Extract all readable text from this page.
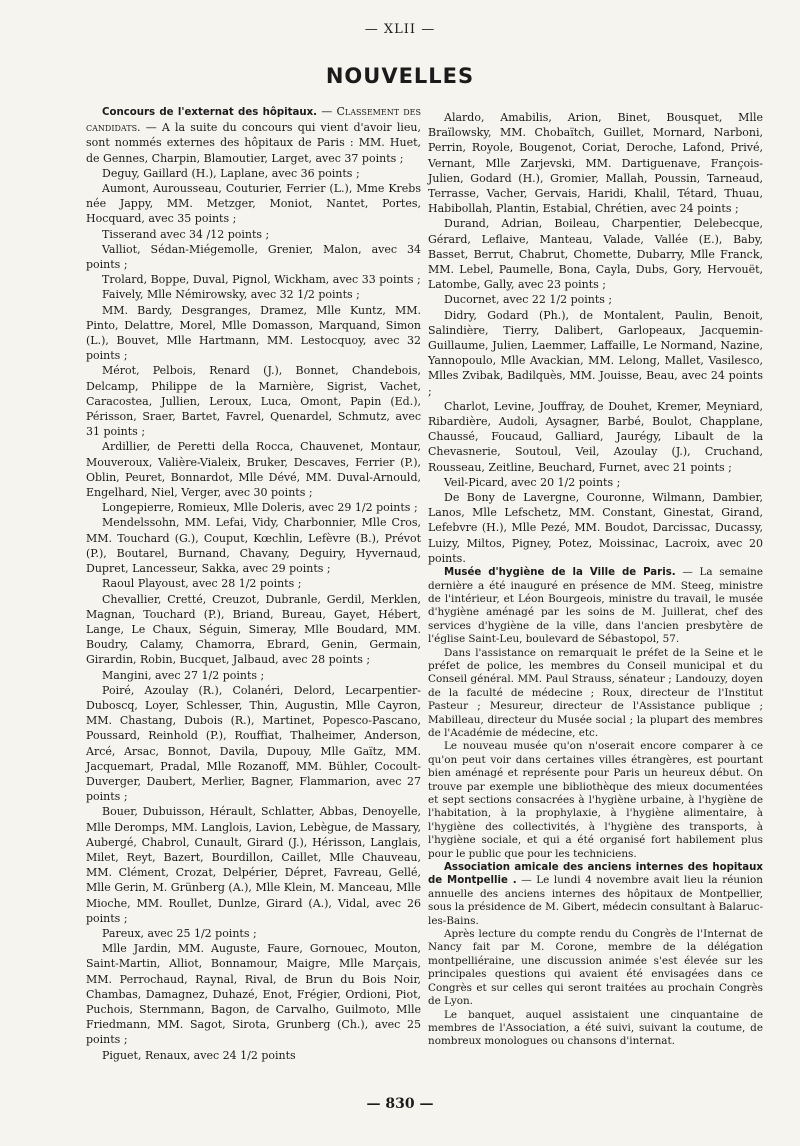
— XLII —
NOUVELLES

Concours de l'externat des hôpitaux. — Classement des candidats. — A la suite du concours qui vient d'avoir lieu, sont nommés externes des hôpitaux de Paris : MM. Huet, de Gennes, Charpin, Blamoutier, Larget, avec 37 points ;

Deguy, Gaillard (H.), Laplane, avec 36 points ;

Aumont, Aurousseau, Couturier, Ferrier (L.), Mme Krebs née Jappy, MM. Metzger, Moniot, Nantet, Portes, Hocquard, avec 35 points ;

Tisserand avec 34 /12 points ;

Valliot, Sédan-Miégemolle, Grenier, Malon, avec 34 points ;

Trolard, Boppe, Duval, Pignol, Wickham, avec 33 points ;

Faively, Mlle Némirowsky, avec 32 1/2 points ;

MM. Bardy, Desgranges, Dramez, Mlle Kuntz, MM. Pinto, Delattre, Morel, Mlle Domasson, Marquand, Simon (L.), Bouvet, Mlle Hartmann, MM. Lestocquoy, avec 32 points ;

Mérot, Pelbois, Renard (J.), Bonnet, Chandebois, Delcamp, Philippe de la Marnière, Sigrist, Vachet, Caracostea, Jullien, Leroux, Luca, Omont, Papin (Ed.), Périsson, Sraer, Bartet, Favrel, Quenardel, Schmutz, avec 31 points ;

Ardillier, de Peretti della Rocca, Chauvenet, Montaur, Mouveroux, Valière-Vialeix, Bruker, Descaves, Ferrier (P.), Oblin, Peuret, Bonnardot, Mlle Dévé, MM. Duval-Arnould, Engelhard, Niel, Verger, avec 30 points ;

Longepierre, Romieux, Mlle Doleris, avec 29 1/2 points ;

Mendelssohn, MM. Lefai, Vidy, Charbonnier, Mlle Cros, MM. Touchard (G.), Couput, Kœchlin, Lefèvre (B.), Prévot (P.), Boutarel, Burnand, Chavany, Deguiry, Hyvernaud, Dupret, Lancesseur, Sakka, avec 29 points ;

Raoul Playoust, avec 28 1/2 points ;

Chevallier, Cretté, Creuzot, Dubranle, Gerdil, Merklen, Magnan, Touchard (P.), Briand, Bureau, Gayet, Hébert, Lange, Le Chaux, Séguin, Simeray, Mlle Boudard, MM. Boudry, Calamy, Chamorra, Ebrard, Genin, Germain, Girardin, Robin, Bucquet, Jalbaud, avec 28 points ;

Mangini, avec 27 1/2 points ;

Poiré, Azoulay (R.), Colanéri, Delord, Lecarpentier-Duboscq, Loyer, Schlesser, Thin, Augustin, Mlle Cayron, MM. Chastang, Dubois (R.), Martinet, Popesco-Pascano, Poussard, Reinhold (P.), Rouffiat, Thalheimer, Anderson, Arcé, Arsac, Bonnot, Davila, Dupouy, Mlle Gaïtz, MM. Jacquemart, Pradal, Mlle Rozanoff, MM. Bühler, Cocoult-Duverger, Daubert, Merlier, Bagner, Flammarion, avec 27 points ;

Bouer, Dubuisson, Hérault, Schlatter, Abbas, Denoyelle, Mlle Deromps, MM. Langlois, Lavion, Lebègue, de Massary, Aubergé, Chabrol, Cunault, Girard (J.), Hérisson, Langlais, Milet, Reyt, Bazert, Bourdillon, Caillet, Mlle Chauveau, MM. Clément, Crozat, Delpérier, Dépret, Favreau, Gellé, Mlle Gerin, M. Grünberg (A.), Mlle Klein, M. Manceau, Mlle Mioche, MM. Roullet, Dunlze, Girard (A.), Vidal, avec 26 points ;

Pareux, avec 25 1/2 points ;

Mlle Jardin, MM. Auguste, Faure, Gornouec, Mouton, Saint-Martin, Alliot, Bonnamour, Maigre, Mlle Marçais, MM. Perrochaud, Raynal, Rival, de Brun du Bois Noir, Chambas, Damagnez, Duhazé, Enot, Frégier, Ordioni, Piot, Puchois, Sternmann, Bagon, de Carvalho, Guilmoto, Mlle Friedmann, MM. Sagot, Sirota, Grunberg (Ch.), avec 25 points ;

Piguet, Renaux, avec 24 1/2 points

Alardo, Amabilis, Arion, Binet, Bousquet, Mlle Braïlowsky, MM. Chobaïtch, Guillet, Mornard, Narboni, Perrin, Royole, Bougenot, Coriat, Deroche, Lafond, Privé, Vernant, Mlle Zarjevski, MM. Dartiguenave, François-Julien, Godard (H.), Gromier, Mallah, Poussin, Tarneaud, Terrasse, Vacher, Gervais, Haridi, Khalil, Tétard, Thuau, Habibollah, Plantin, Estabial, Chrétien, avec 24 points ;

Durand, Adrian, Boileau, Charpentier, Delebecque, Gérard, Leflaive, Manteau, Valade, Vallée (E.), Baby, Basset, Berrut, Chabrut, Chomette, Dubarry, Mlle Franck, MM. Lebel, Paumelle, Bona, Cayla, Dubs, Gory, Hervouët, Latombe, Gally, avec 23 points ;

Ducornet, avec 22 1/2 points ;

Didry, Godard (Ph.), de Montalent, Paulin, Benoit, Salindière, Tierry, Dalibert, Garlopeaux, Jacquemin-Guillaume, Julien, Laemmer, Laffaille, Le Normand, Nazine, Yannopoulo, Mlle Avackian, MM. Lelong, Mallet, Vasilesco, Mlles Zvibak, Badilquès, MM. Jouisse, Beau, avec 24 points ;

Charlot, Levine, Jouffray, de Douhet, Kremer, Meyniard, Ribardière, Audoli, Aysagner, Barbé, Boulot, Chapplane, Chaussé, Foucaud, Galliard, Jaurégy, Libault de la Chevasnerie, Soutoul, Veil, Azoulay (J.), Cruchand, Rousseau, Zeitline, Beuchard, Furnet, avec 21 points ;

Veil-Picard, avec 20 1/2 points ;

De Bony de Lavergne, Couronne, Wilmann, Dambier, Lanos, Mlle Lefschetz, MM. Constant, Ginestat, Girand, Lefebvre (H.), Mlle Pezé, MM. Boudot, Darcissac, Ducassy, Luizy, Miltos, Pigney, Potez, Moissinac, Lacroix, avec 20 points.

Musée d'hygiène de la Ville de Paris. — La semaine dernière a été inauguré en présence de MM. Steeg, ministre de l'intérieur, et Léon Bourgeois, ministre du travail, le musée d'hygiène aménagé par les soins de M. Juillerat, chef des services d'hygiène de la ville, dans l'ancien presbytère de l'église Saint-Leu, boulevard de Sébastopol, 57.

Dans l'assistance on remarquait le préfet de la Seine et le préfet de police, les membres du Conseil municipal et du Conseil général. MM. Paul Strauss, sénateur ; Landouzy, doyen de la faculté de médecine ; Roux, directeur de l'Institut Pasteur ; Mesureur, directeur de l'Assistance publique ; Mabilleau, directeur du Musée social ; la plupart des membres de l'Académie de médecine, etc.

Le nouveau musée qu'on n'oserait encore comparer à ce qu'on peut voir dans certaines villes étrangères, est pourtant bien aménagé et représente pour Paris un heureux début. On trouve par exemple une bibliothèque des mieux documentées et sept sections consacrées à l'hygiène urbaine, à l'hygiène de l'habitation, à la prophylaxie, à l'hygiène alimentaire, à l'hygiène des collectivités, à l'hygiène des transports, à l'hygiène sociale, et qui a été organisé fort habilement plus pour le public que pour les techniciens.

Association amicale des anciens internes des hopitaux de Montpellie . — Le lundi 4 novembre avait lieu la réunion annuelle des anciens internes des hôpitaux de Montpellier, sous la présidence de M. Gibert, médecin consultant à Balaruc-les-Bains.

Après lecture du compte rendu du Congrès de l'Internat de Nancy fait par M. Corone, membre de la délégation montpelliéraine, une discussion animée s'est élevée sur les principales questions qui avaient été envisagées dans ce Congrès et sur celles qui seront traitées au prochain Congrès de Lyon.

Le banquet, auquel assistaient une cinquantaine de membres de l'Association, a été suivi, suivant la coutume, de nombreux monologues ou chansons d'internat.

— 830 —
